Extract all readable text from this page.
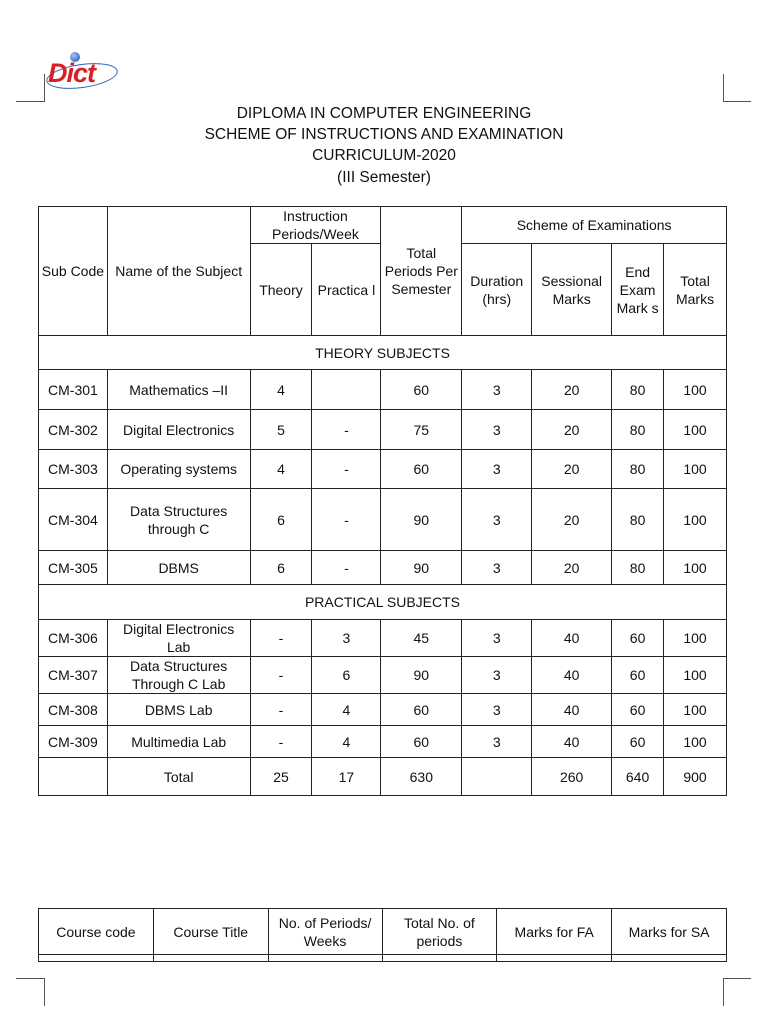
Dict
DIPLOMA IN COMPUTER ENGINEERING
SCHEME OF INSTRUCTIONS AND EXAMINATION
CURRICULUM-2020
(III Semester)
Sub Code	Name of the Subject	Instruction Periods/Week		Total Periods Per Semester	Scheme of Examinations			
		Theory	Practica l		Duration (hrs)	Sessional Marks	End Exam Mark s	Total Marks
THEORY SUBJECTS								
CM-301	Mathematics –II	4		60	3	20	80	100
CM-302	Digital Electronics	5	-	75	3	20	80	100
CM-303	Operating systems	4	-	60	3	20	80	100
CM-304	Data Structures through C	6	-	90	3	20	80	100
CM-305	DBMS	6	-	90	3	20	80	100
PRACTICAL SUBJECTS								
CM-306	Digital Electronics Lab	-	3	45	3	40	60	100
CM-307	Data Structures Through C Lab	-	6	90	3	40	60	100
CM-308	DBMS Lab	-	4	60	3	40	60	100
CM-309	Multimedia Lab	-	4	60	3	40	60	100
	Total	25	17	630		260	640	900
Course code	Course Title	No. of Periods/ Weeks	Total No. of periods	Marks for FA	Marks for SA
